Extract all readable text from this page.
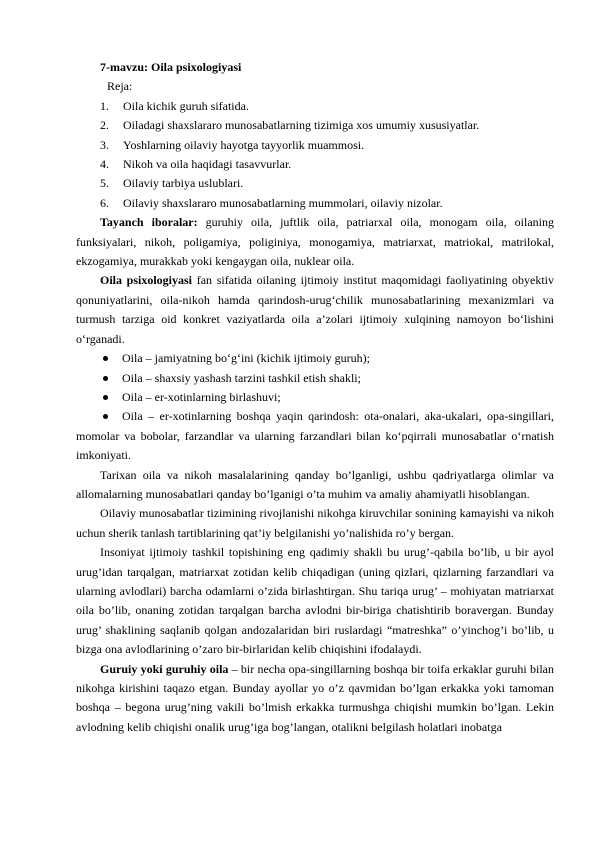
7-mavzu: Oila psixologiyasi
Reja:
1. Oila kichik guruh sifatida.
2. Oiladagi shaxslararo munosabatlarning tizimiga xos umumiy xususiyatlar.
3. Yoshlarning oilaviy hayotga tayyorlik muammosi.
4. Nikoh va oila haqidagi tasavvurlar.
5. Oilaviy tarbiya uslublari.
6. Oilaviy shaxslararo munosabatlarning mummolari, oilaviy nizolar.

Tayanch iboralar: guruhiy oila, juftlik oila, patriarxal oila, monogam oila, oilaning funksiyalari, nikoh, poligamiya, poliginiya, monogamiya, matriarxat, matriokal, matrilokal, ekzogamiya, murakkab yoki kengaygan oila, nuklear oila.

Oila psixologiyasi fan sifatida oilaning ijtimoiy institut maqomidagi faoliyatining obyektiv qonuniyatlarini, oila-nikoh hamda qarindosh-urug‘chilik munosabatlarining mexanizmlari va turmush tarziga oid konkret vaziyatlarda oila a’zolari ijtimoiy xulqining namoyon bo‘lishini o‘rganadi.

Oila – jamiyatning bo‘g‘ini (kichik ijtimoiy guruh);
Oila – shaxsiy yashash tarzini tashkil etish shakli;
Oila – er-xotinlarning birlashuvi;
Oila – er-xotinlarning boshqa yaqin qarindosh: ota-onalari, aka-ukalari, opa-singillari, momolar va bobolar, farzandlar va ularning farzandlari bilan ko‘pqirrali munosabatlar o‘rnatish imkoniyati.

Tarixan oila va nikoh masalalarining qanday bo’lganligi, ushbu qadriyatlarga olimlar va allomalarning munosabatlari qanday bo’lganigi o’ta muhim va amaliy ahamiyatli hisoblangan.

Oilaviy munosabatlar tizimining rivojlanishi nikohga kiruvchilar sonining kamayishi va nikoh uchun sherik tanlash tartiblarining qat’iy belgilanishi yo’nalishida ro’y bergan.

Insoniyat ijtimoiy tashkil topishining eng qadimiy shakli bu urug’-qabila bo’lib, u bir ayol urug’idan tarqalgan, matriarxat zotidan kelib chiqadigan (uning qizlari, qizlarning farzandlari va ularning avlodlari) barcha odamlarni o’zida birlashtirgan. Shu tariqa urug’ – mohiyatan matriarxat oila bo’lib, onaning zotidan tarqalgan barcha avlodni bir-biriga chatishtirib boravergan. Bunday urug’ shaklining saqlanib qolgan andozalaridan biri ruslardagi “matreshka” o’yinchog’i bo’lib, u bizga ona avlodlarining o’zaro bir-birlaridan kelib chiqishini ifodalaydi.

Guruiy yoki guruhiy oila – bir necha opa-singillarning boshqa bir toifa erkaklar guruhi bilan nikohga kirishini taqazo etgan. Bunday ayollar yo o’z qavmidan bo’lgan erkakka yoki tamoman boshqa – begona urug’ning vakili bo’lmish erkakka turmushga chiqishi mumkin bo’lgan. Lekin avlodning kelib chiqishi onalik urug’iga bog’langan, otalikni belgilash holatlari inobatga
